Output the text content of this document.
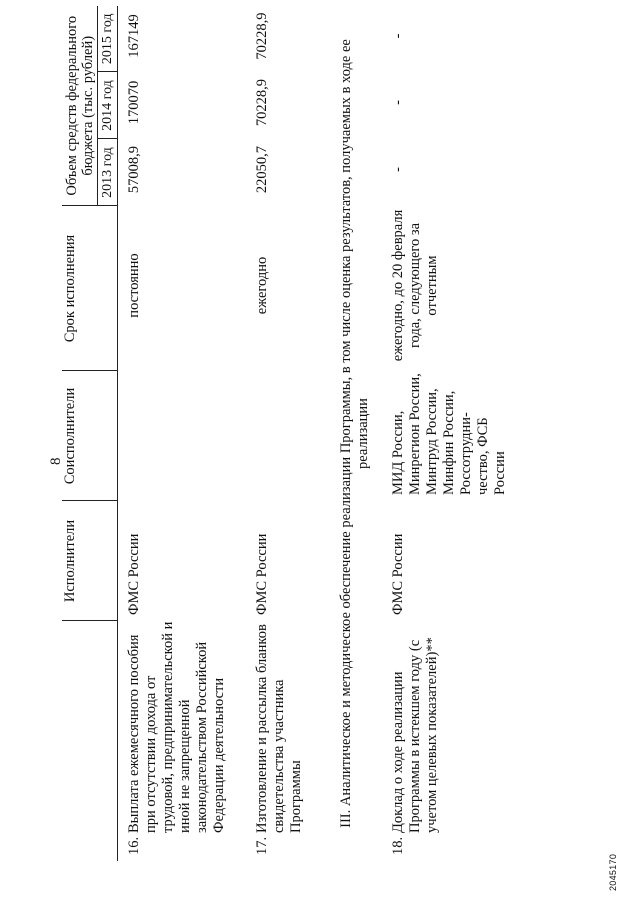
8
	Исполнители	Соисполнители	Срок исполнения	Объем средств федерального бюджета (тыс. рублей)		
				2013 год	2014 год	2015 год

16.
Выплата ежемесячного пособия при отсутствии дохода от трудовой, предпринимательской и иной не запрещенной законодательством Российской Федерации деятельности	ФМС России		постоянно	57008,9	170070	167149

17.
Изготовление и рассылка бланков свидетельства участника Программы	ФМС России		ежегодно	22050,7	70228,9	70228,9
III. Аналитическое и методическое обеспечение реализации Программы, в том числе оценка результатов, получаемых в ходе ее реализации						

18.
Доклад о ходе реализации Программы в истекшем году (с учетом целевых показателей)**	ФМС России	МИД России, Минрегион России, Минтруд России, Минфин России, Россотрудни- чество, ФСБ России	ежегодно, до 20 февраля года, следующего за отчетным	-	-	-
2045170
